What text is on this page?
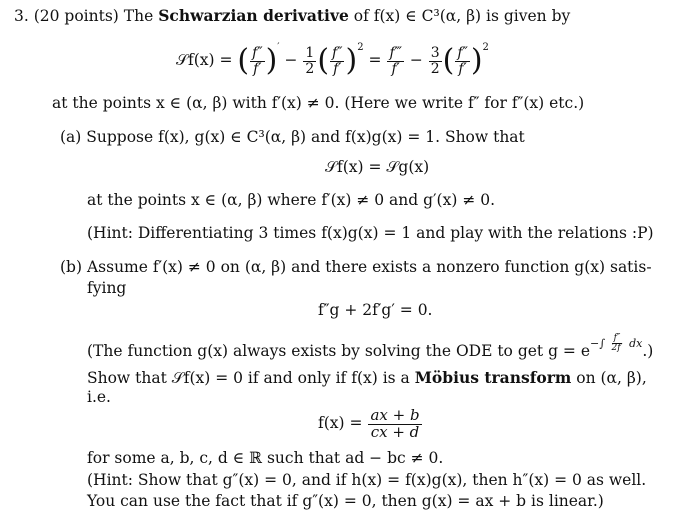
3. (20 points) The Schwarzian derivative of f(x) ∈ C³(α, β) is given by
𝒮f(x) =
( $\frac{f''}{f'} )'$
− $\frac{1}{2}$ ( $\frac{f''}{f'} )^2$

=
$\frac{f‴}{f'} - \frac{3}{2}$ ( $\frac{f''}{f'} )^2$
at the points x ∈ (α, β) with f′(x) ≠ 0. (Here we write f″ for f″(x) etc.)
(a) Suppose f(x), g(x) ∈ C³(α, β) and f(x)g(x) = 1. Show that
𝒮f(x) = 𝒮g(x)
at the points x ∈ (α, β) where f′(x) ≠ 0 and g′(x) ≠ 0.
(Hint: Differentiating 3 times f(x)g(x) = 1 and play with the relations :P)
(b) Assume f′(x) ≠ 0 on (α, β) and there exists a nonzero function g(x) satis-
fying
f″g + 2f′g′ = 0.
(The function g(x) always exists by solving the ODE to get $g = e^{-\int \frac{f''}{2f'} dx}$.)
Show that 𝒮f(x) = 0 if and only if f(x) is a Möbius transform on (α, β),
i.e.
f(x) =
$\frac{ax + b}{cx + d}$
for some a, b, c, d ∈ ℝ such that ad − bc ≠ 0.
(Hint: Show that g″(x) = 0, and if h(x) = f(x)g(x), then h″(x) = 0 as well.
You can use the fact that if g″(x) = 0, then g(x) = ax + b is linear.)
